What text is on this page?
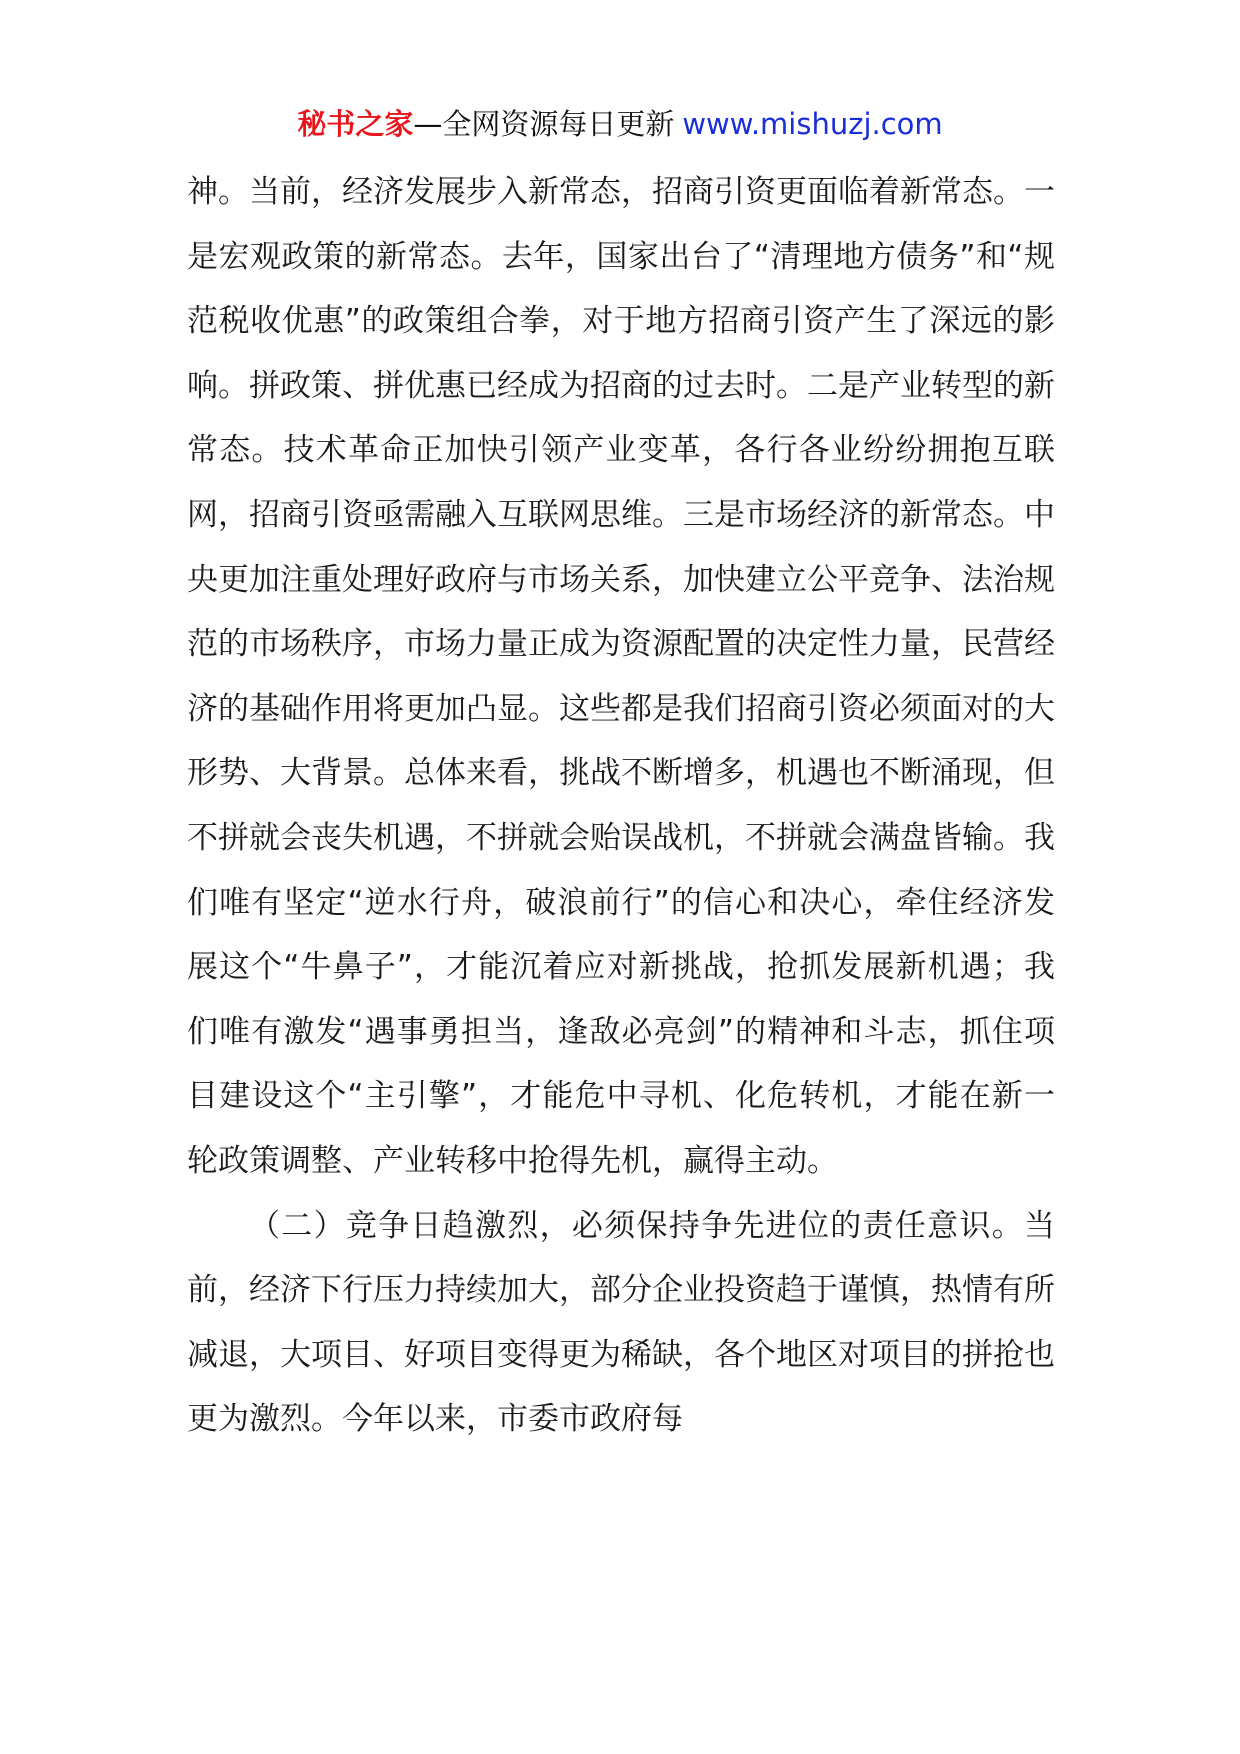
秘书之家—全网资源每日更新 www.mishuzj.com

神。当前，经济发展步入新常态，招商引资更面临着新常态。一是宏观政策的新常态。去年，国家出台了“清理地方债务”和“规范税收优惠”的政策组合拳，对于地方招商引资产生了深远的影响。拼政策、拼优惠已经成为招商的过去时。二是产业转型的新常态。技术革命正加快引领产业变革，各行各业纷纷拥抱互联网，招商引资亟需融入互联网思维。三是市场经济的新常态。中央更加注重处理好政府与市场关系，加快建立公平竞争、法治规范的市场秩序，市场力量正成为资源配置的决定性力量，民营经济的基础作用将更加凸显。这些都是我们招商引资必须面对的大形势、大背景。总体来看，挑战不断增多，机遇也不断涌现，但不拼就会丧失机遇，不拼就会贻误战机，不拼就会满盘皆输。我们唯有坚定“逆水行舟，破浪前行”的信心和决心，牵住经济发展这个“牛鼻子”，才能沉着应对新挑战，抢抓发展新机遇；我们唯有激发“遇事勇担当，逢敌必亮剑”的精神和斗志，抓住项目建设这个“主引擎”，才能危中寻机、化危转机，才能在新一轮政策调整、产业转移中抢得先机，赢得主动。

（二）竞争日趋激烈，必须保持争先进位的责任意识。当前，经济下行压力持续加大，部分企业投资趋于谨慎，热情有所减退，大项目、好项目变得更为稀缺，各个地区对项目的拼抢也更为激烈。今年以来，市委市政府每
